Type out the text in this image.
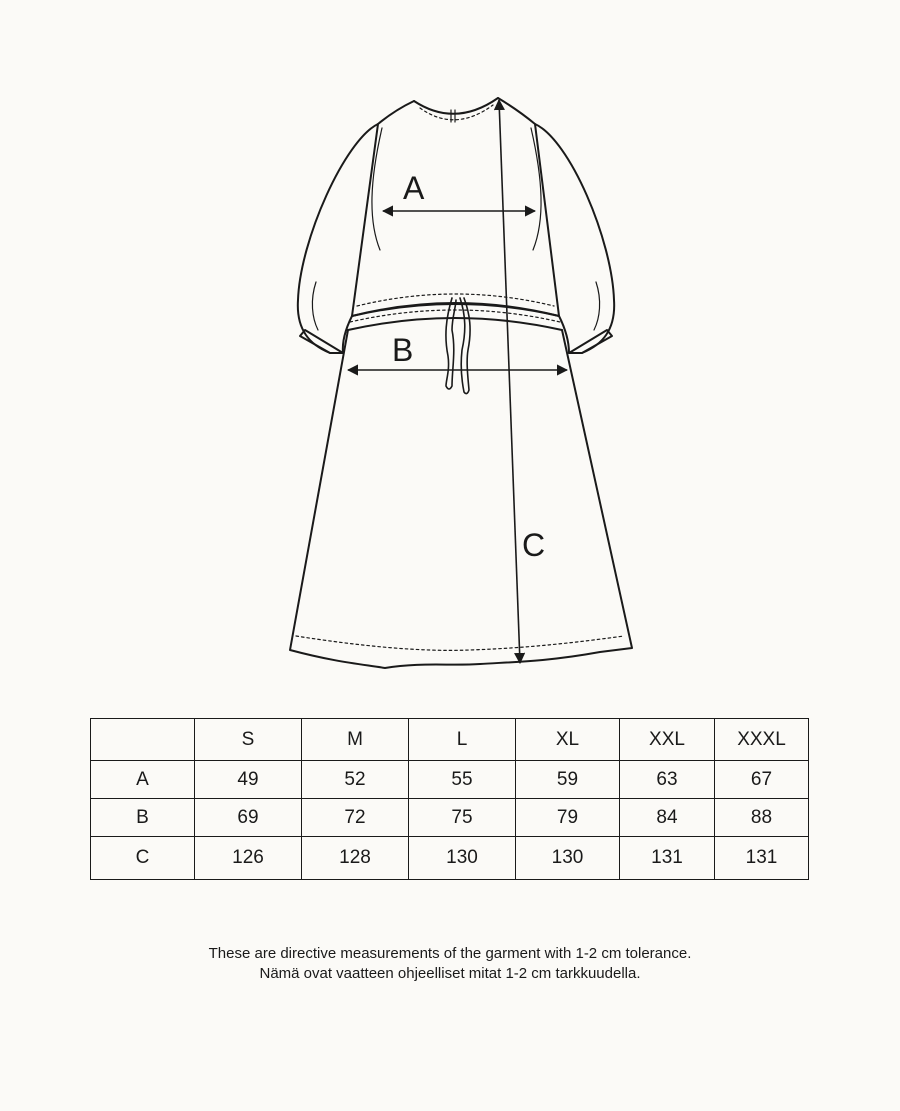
A
B
C
	S	M	L	XL	XXL	XXXL
A	49	52	55	59	63	67
B	69	72	75	79	84	88
C	126	128	130	130	131	131
These are directive measurements of the garment with 1-2 cm tolerance.
Nämä ovat vaatteen ohjeelliset mitat 1-2 cm tarkkuudella.
